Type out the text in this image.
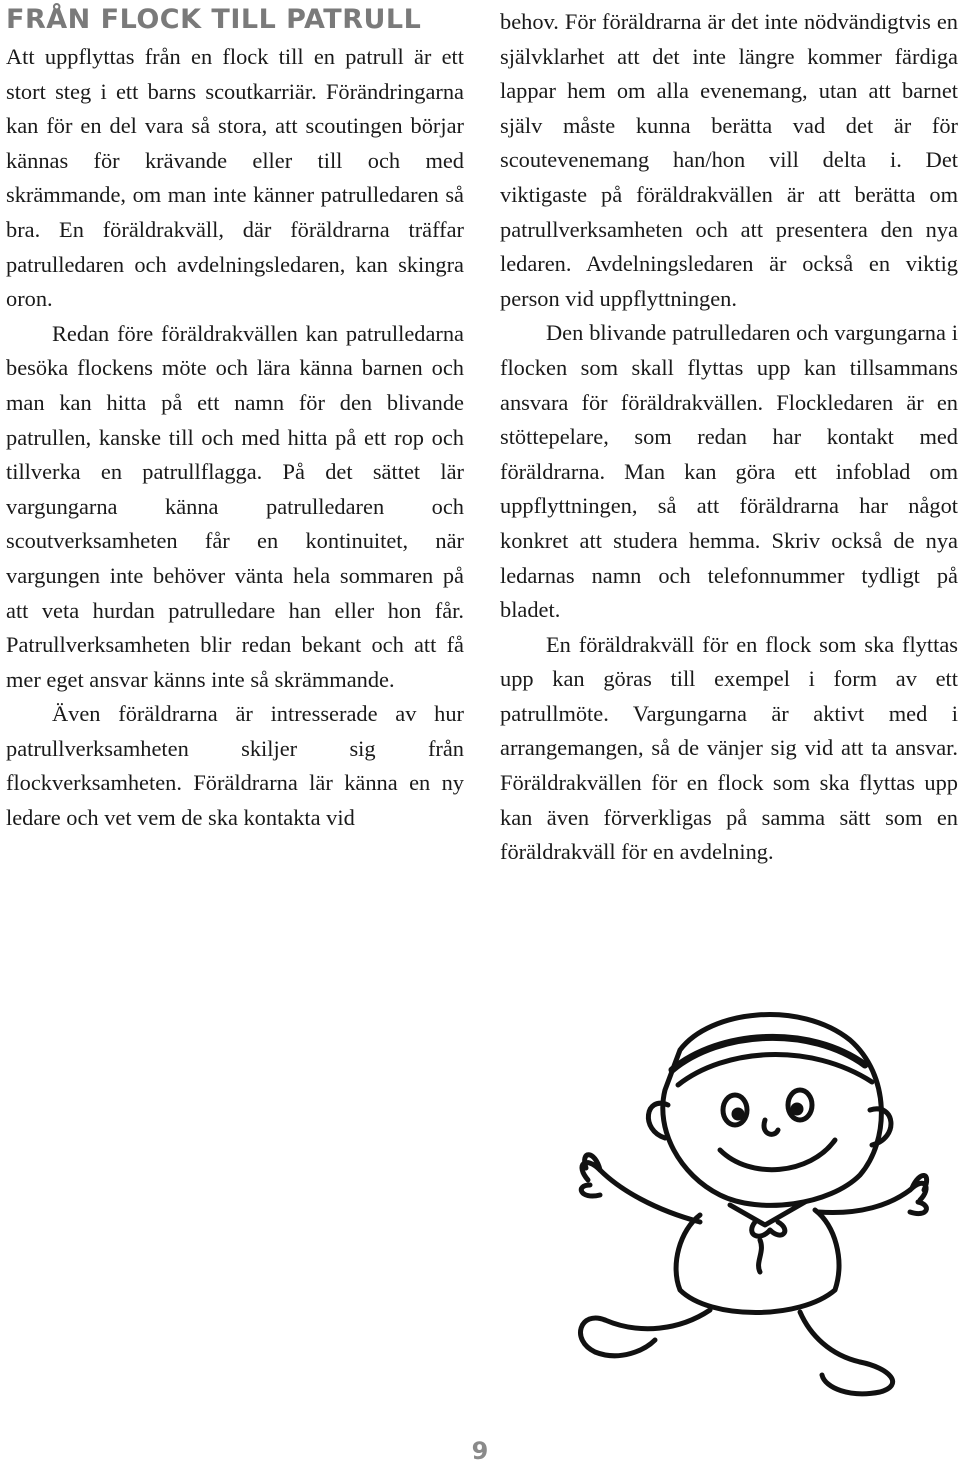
FRÅN FLOCK TILL PATRULL

Att uppflyttas från en flock till en patrull är ett stort steg i ett barns scoutkarriär. Förändringarna kan för en del vara så stora, att scoutingen börjar kännas för krävande eller till och med skrämmande, om man inte känner patrulledaren så bra. En föräldrakväll, där föräldrarna träffar patrulledaren och avdelningsledaren, kan skingra oron.

Redan före föräldrakvällen kan patrulledarna besöka flockens möte och lära känna barnen och man kan hitta på ett namn för den blivande patrullen, kanske till och med hitta på ett rop och tillverka en patrullflagga. På det sättet lär vargungarna känna patrulledaren och scoutverksamheten får en kontinuitet, när vargungen inte behöver vänta hela sommaren på att veta hurdan patrulledare han eller hon får. Patrullverksamheten blir redan bekant och att få mer eget ansvar känns inte så skrämmande.

Även föräldrarna är intresserade av hur patrullverksamheten skiljer sig från flockverksamheten. Föräldrarna lär känna en ny ledare och vet vem de ska kontakta vid

behov. För föräldrarna är det inte nödvändigtvis en självklarhet att det inte längre kommer färdiga lappar hem om alla evenemang, utan att barnet själv måste kunna berätta vad det är för scoutevenemang han/hon vill delta i. Det viktigaste på föräldrakvällen är att berätta om patrullverksamheten och att presentera den nya ledaren. Avdelningsledaren är också en viktig person vid uppflyttningen.

Den blivande patrulledaren och vargungarna i flocken som skall flyttas upp kan tillsammans ansvara för föräldrakvällen. Flockledaren är en stöttepelare, som redan har kontakt med föräldrarna. Man kan göra ett infoblad om uppflyttningen, så att föräldrarna har något konkret att studera hemma. Skriv också de nya ledarnas namn och telefonnummer tydligt på bladet.

En föräldrakväll för en flock som ska flyttas upp kan göras till exempel i form av ett patrullmöte. Vargungarna är aktivt med i arrangemangen, så de vänjer sig vid att ta ansvar. Föräldrakvällen för en flock som ska flyttas upp kan även förverkligas på samma sätt som en föräldrakväll för en avdelning.

9
